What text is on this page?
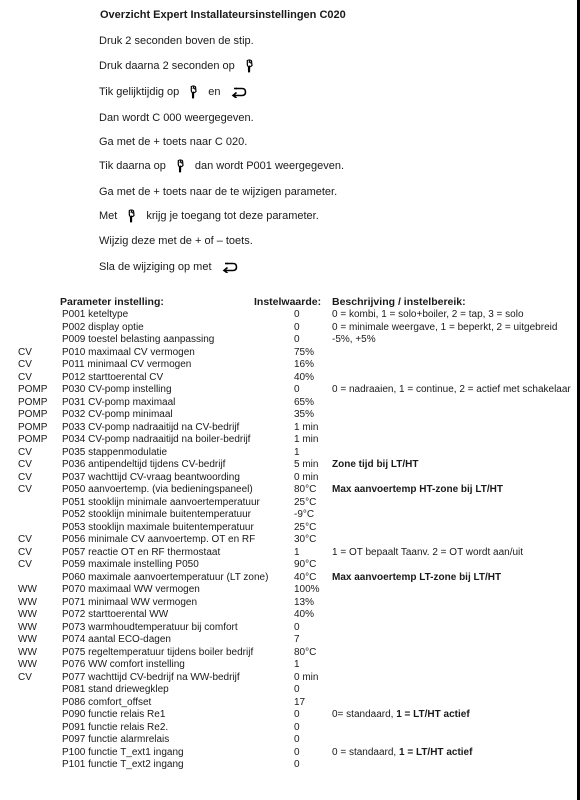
Overzicht Expert Installateursinstellingen C020
Druk 2 seconden boven de stip.
Druk daarna 2 seconden op
Tik gelijktijdig op	en
Dan wordt C 000 weergegeven.
Ga met de + toets naar C 020.
Tik daarna op	dan wordt P001 weergegeven.
Ga met de + toets naar de te wijzigen parameter.
Met	krijg je toegang tot deze parameter.
Wijzig deze met de + of – toets.
Sla de wijziging op met
Parameter instelling:	Instelwaarde: Beschrijving / instelbereik:
P001 keteltype	0	0 = kombi, 1 = solo+boiler, 2 = tap, 3 = solo
P002 display optie	0	0 = minimale weergave, 1 = beperkt, 2 = uitgebreid
P009 toestel belasting aanpassing	0	-5%, +5%
CV	P010 maximaal CV vermogen	75%
CV	P011 minimaal CV vermogen	16%
CV	P012 starttoerental CV	40%
POMP P030 CV-pomp instelling	0	0 = nadraaien, 1 = continue, 2 = actief met schakelaar
POMP P031 CV-pomp maximaal	65%
POMP P032 CV-pomp minimaal	35%
POMP P033 CV-pomp nadraaitijd na CV-bedrijf	1 min
POMP P034 CV-pomp nadraaitijd na boiler-bedrijf	1 min
CV	P035 stappenmodulatie	1
CV	P036 antipendeltijd tijdens CV-bedrijf	5 min Zone tijd bij LT/HT
CV	P037 wachttijd CV-vraag beantwoording	0 min
CV	P050 aanvoertemp. (via bedieningspaneel)	80°C Max aanvoertemp HT-zone bij LT/HT
P051 stooklijn minimale aanvoertemperatuur	25°C
P052 stooklijn minimale buitentemperatuur	-9°C
P053 stooklijn maximale buitentemperatuur	25°C
CV	P056 minimale CV aanvoertemp. OT en RF	30°C
CV	P057 reactie OT en RF thermostaat	1	1 = OT bepaalt Taanv. 2 = OT wordt aan/uit
CV	P059 maximale instelling P050	90°C
P060 maximale aanvoertemperatuur (LT zone)	40°C Max aanvoertemp LT-zone bij LT/HT
WW	P070 maximaal WW vermogen	100%
WW	P071 minimaal WW vermogen	13%
WW	P072 starttoerental WW	40%
WW	P073 warmhoudtemperatuur bij comfort	0
WW	P074 aantal ECO-dagen	7
WW	P075 regeltemperatuur tijdens boiler bedrijf	80°C
WW	P076 WW comfort instelling	1
CV	P077 wachttijd CV-bedrijf na WW-bedrijf	0 min
P081 stand driewegklep	0
P086 comfort_offset	17
P090 functie relais Re1	0	0= standaard, 1 = LT/HT actief
P091 functie relais Re2.	0
P097 functie alarmrelais	0
P100 functie T_ext1 ingang	0	0 = standaard, 1 = LT/HT actief
P101 functie T_ext2 ingang	0
